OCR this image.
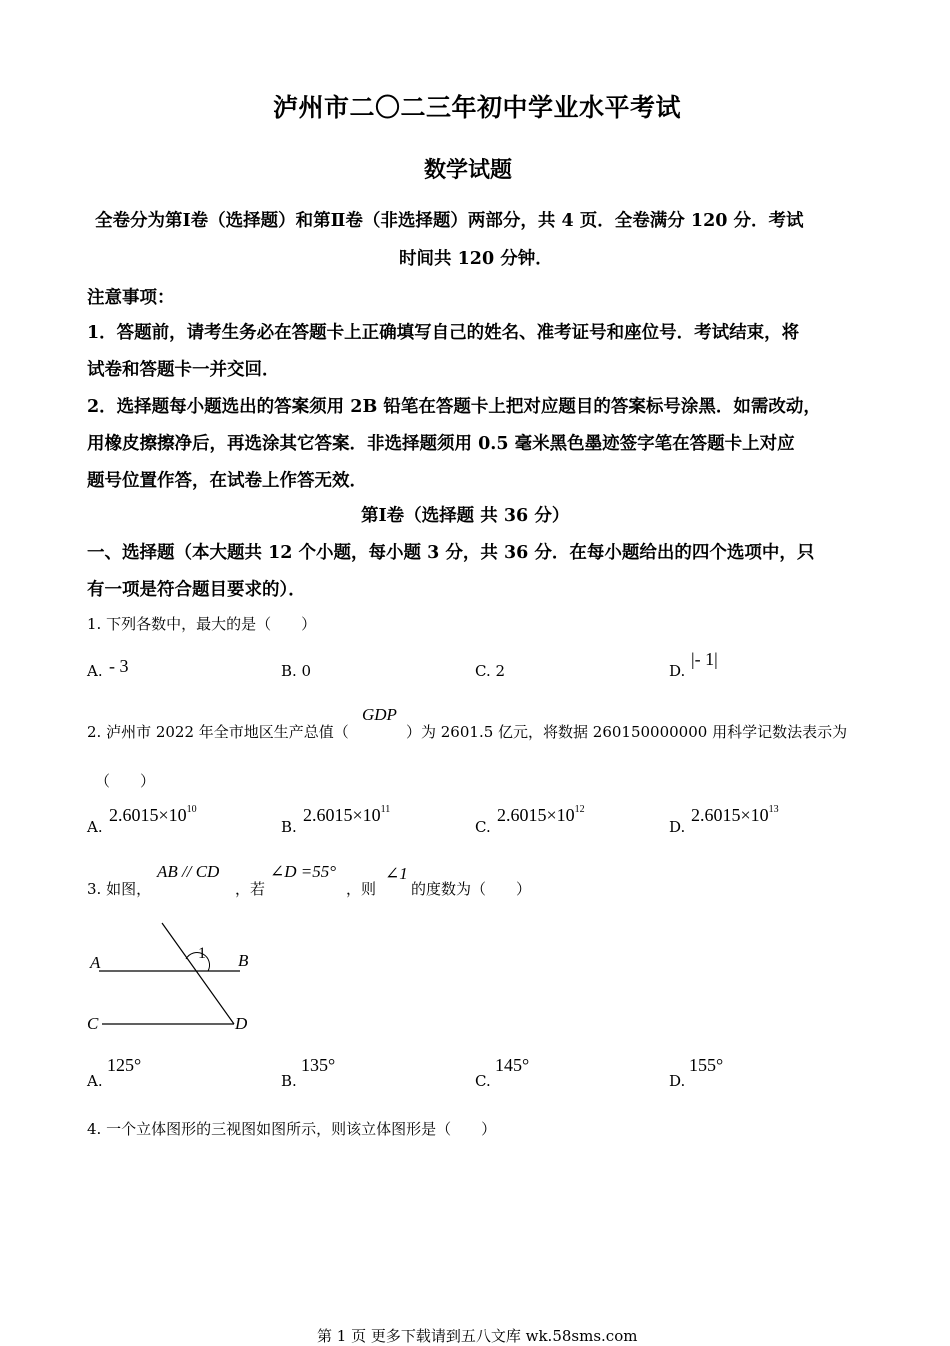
泸州市二〇二三年初中学业水平考试
数学试题
全卷分为第Ⅰ卷（选择题）和第Ⅱ卷（非选择题）两部分，共 4 页．全卷满分 120 分．考试
时间共 120 分钟．
注意事项：
1．答题前，请考生务必在答题卡上正确填写自己的姓名、准考证号和座位号．考试结束，将
试卷和答题卡一并交回．
2．选择题每小题选出的答案须用 2B 铅笔在答题卡上把对应题目的答案标号涂黑．如需改动，
用橡皮擦擦净后，再选涂其它答案．非选择题须用 0.5 毫米黑色墨迹签字笔在答题卡上对应
题号位置作答，在试卷上作答无效．
第Ⅰ卷（选择题 共 36 分）
一、选择题（本大题共 12 个小题，每小题 3 分，共 36 分．在每小题给出的四个选项中，只
有一项是符合题目要求的）．
1. 下列各数中，最大的是（　　）
A. - 3	B. 0	C. 2	D.
|- 1|
2. 泸州市 2022 年全市地区生产总值（
GDP
）为 2601.5 亿元，将数据 260150000000 用科学记数法表示为
（　　）
A.
$2.6015\times 10^{10}$
B.
$2.6015\times 10^{11}$
C.
$2.6015\times 10^{12}$
D.
$2.6015\times 10^{13}$
3. 如图，
AB // CD
，若
∠D =55°
，则
∠1
的度数为（　　）
A	B
C	D
1
A.
125°
B.
135°
C.
145°
D.
155°
4. 一个立体图形的三视图如图所示，则该立体图形是（　　）
第 1 页 更多下载请到五八文库 wk.58sms.com
